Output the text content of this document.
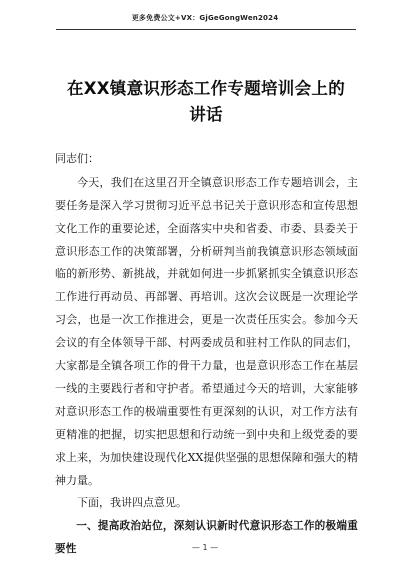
更多免费公文+VX：GjGeGongWen2024
在XX镇意识形态工作专题培训会上的讲话

同志们：

今天，我们在这里召开全镇意识形态工作专题培训会，主要任务是深入学习贯彻习近平总书记关于意识形态和宣传思想文化工作的重要论述，全面落实中央和省委、市委、县委关于意识形态工作的决策部署，分析研判当前我镇意识形态领域面临的新形势、新挑战，并就如何进一步抓紧抓实全镇意识形态工作进行再动员、再部署、再培训。这次会议既是一次理论学习会，也是一次工作推进会，更是一次责任压实会。参加今天会议的有全体领导干部、村两委成员和驻村工作队的同志们，大家都是全镇各项工作的骨干力量，也是意识形态工作在基层一线的主要践行者和守护者。希望通过今天的培训，大家能够对意识形态工作的极端重要性有更深刻的认识，对工作方法有更精准的把握，切实把思想和行动统一到中央和上级党委的要求上来，为加快建设现代化XX提供坚强的思想保障和强大的精神力量。

下面，我讲四点意见。

一、提高政治站位，深刻认识新时代意识形态工作的极端重要性	— 1 —
